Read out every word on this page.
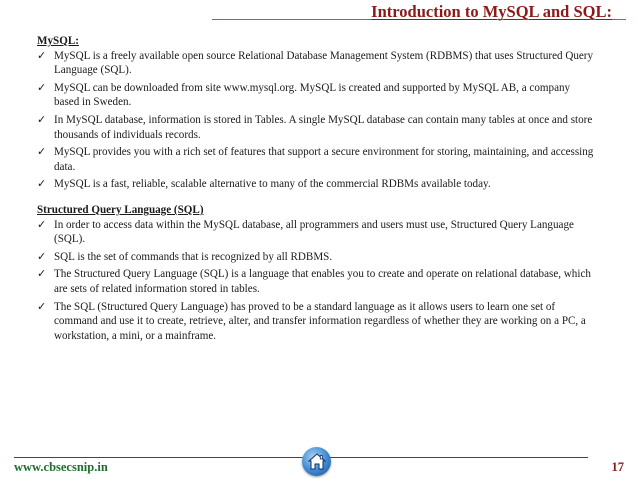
Introduction to MySQL and SQL:

MySQL:

✓ MySQL is a freely available open source Relational Database Management System (RDBMS) that uses Structured Query Language (SQL).
✓ MySQL can be downloaded from site www.mysql.org. MySQL is created and supported by MySQL AB, a company based in Sweden.
✓ In MySQL database, information is stored in Tables. A single MySQL database can contain many tables at once and store thousands of individuals records.
✓ MySQL provides you with a rich set of features that support a secure environment for storing, maintaining, and accessing data.
✓ MySQL is a fast, reliable, scalable alternative to many of the commercial RDBMs available today.

Structured Query Language (SQL)

✓ In order to access data within the MySQL database, all programmers and users must use, Structured Query Language (SQL).
✓ SQL is the set of commands that is recognized by all RDBMS.
✓ The Structured Query Language (SQL) is a language that enables you to create and operate on relational database, which are sets of related information stored in tables.
✓ The SQL (Structured Query Language) has proved to be a standard language as it allows users to learn one set of command and use it to create, retrieve, alter, and transfer information regardless of whether they are working on a PC, a workstation, a mini, or a mainframe.
www.cbsecsnip.in	17
